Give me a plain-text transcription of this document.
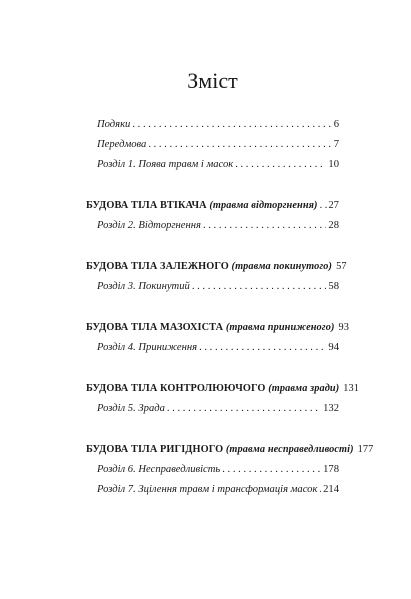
Зміст
Подяки . . .	6
Передмова . . .	7
Розділ 1. Поява травм і масок . . .	10
БУДОВА ТІЛА ВТІКАЧА (травма відторгнення) . . . 27
Розділ 2. Відторгнення . . .	28
БУДОВА ТІЛА ЗАЛЕЖНОГО (травма покинутого) 57
Розділ 3. Покинутий . . .	58
БУДОВА ТІЛА МАЗОХІСТА (травма приниженого) 93
Розділ 4. Приниження . . .	94
БУДОВА ТІЛА КОНТРОЛЮЮЧОГО (травма зради) 131
Розділ 5. Зрада . . .	132
БУДОВА ТІЛА РИГІДНОГО (травма несправедливості) 177
Розділ 6. Несправедливість . . .	178
Розділ 7. Зцілення травм і трансформація масок . . . 214
